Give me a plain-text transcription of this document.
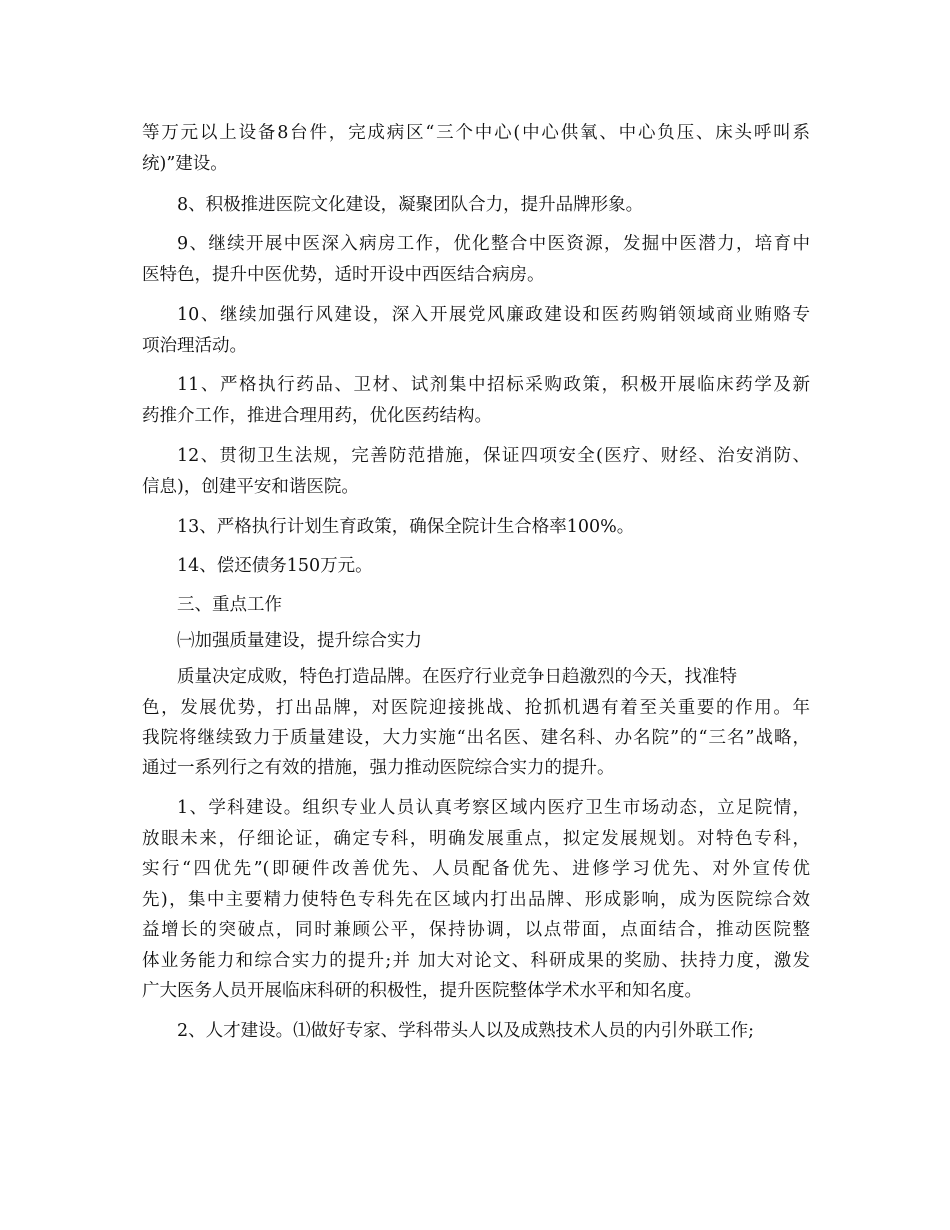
等万元以上设备8台件，完成病区“三个中心(中心供氧、中心负压、床头呼叫系
统)”建设。
8、积极推进医院文化建设，凝聚团队合力，提升品牌形象。
9、继续开展中医深入病房工作，优化整合中医资源，发掘中医潜力，培育中
医特色，提升中医优势，适时开设中西医结合病房。
10、继续加强行风建设，深入开展党风廉政建设和医药购销领域商业贿赂专
项治理活动。
11、严格执行药品、卫材、试剂集中招标采购政策，积极开展临床药学及新
药推介工作，推进合理用药，优化医药结构。
12、贯彻卫生法规，完善防范措施，保证四项安全(医疗、财经、治安消防、
信息)，创建平安和谐医院。
13、严格执行计划生育政策，确保全院计生合格率100%。
14、偿还债务150万元。
三、重点工作
㈠加强质量建设，提升综合实力
质量决定成败，特色打造品牌。在医疗行业竞争日趋激烈的今天，找准特
色，发展优势，打出品牌，对医院迎接挑战、抢抓机遇有着至关重要的作用。年
我院将继续致力于质量建设，大力实施“出名医、建名科、办名院”的“三名”战略，
通过一系列行之有效的措施，强力推动医院综合实力的提升。
1、学科建设。组织专业人员认真考察区域内医疗卫生市场动态，立足院情，
放眼未来，仔细论证，确定专科，明确发展重点，拟定发展规划。对特色专科，
实行“四优先”(即硬件改善优先、人员配备优先、进修学习优先、对外宣传优
先)，集中主要精力使特色专科先在区域内打出品牌、形成影响，成为医院综合效
益增长的突破点，同时兼顾公平，保持协调，以点带面，点面结合，推动医院整
体业务能力和综合实力的提升;并 加大对论文、科研成果的奖励、扶持力度，激发
广大医务人员开展临床科研的积极性，提升医院整体学术水平和知名度。
2、人才建设。⑴做好专家、学科带头人以及成熟技术人员的内引外联工作;
